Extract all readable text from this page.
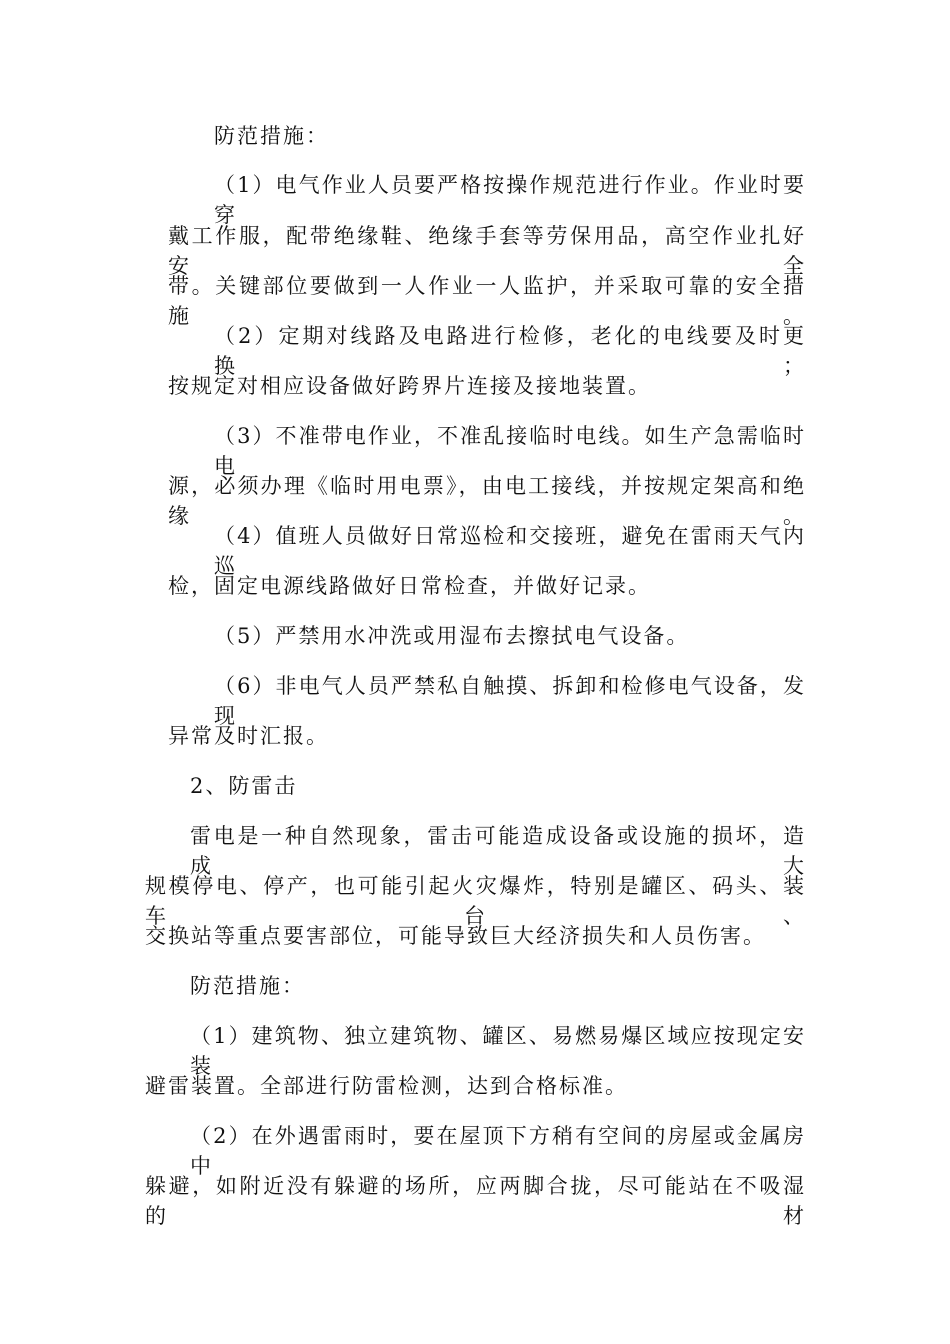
防范措施：
（1）电气作业人员要严格按操作规范进行作业。作业时要穿
戴工作服，配带绝缘鞋、绝缘手套等劳保用品，高空作业扎好安全
带。关键部位要做到一人作业一人监护，并采取可靠的安全措施。
（2）定期对线路及电路进行检修，老化的电线要及时更换；
按规定对相应设备做好跨界片连接及接地装置。
（3）不准带电作业，不准乱接临时电线。如生产急需临时电
源，必须办理《临时用电票》，由电工接线，并按规定架高和绝缘。
（4）值班人员做好日常巡检和交接班，避免在雷雨天气内巡
检，固定电源线路做好日常检查，并做好记录。
（5）严禁用水冲洗或用湿布去擦拭电气设备。
（6）非电气人员严禁私自触摸、拆卸和检修电气设备，发现
异常及时汇报。
2、防雷击
雷电是一种自然现象，雷击可能造成设备或设施的损坏，造成大
规模停电、停产，也可能引起火灾爆炸，特别是罐区、码头、装车台、
交换站等重点要害部位，可能导致巨大经济损失和人员伤害。
防范措施：
（1）建筑物、独立建筑物、罐区、易燃易爆区域应按现定安装
避雷装置。全部进行防雷检测，达到合格标准。
（2）在外遇雷雨时，要在屋顶下方稍有空间的房屋或金属房中
躲避，如附近没有躲避的场所，应两脚合拢，尽可能站在不吸湿的材
